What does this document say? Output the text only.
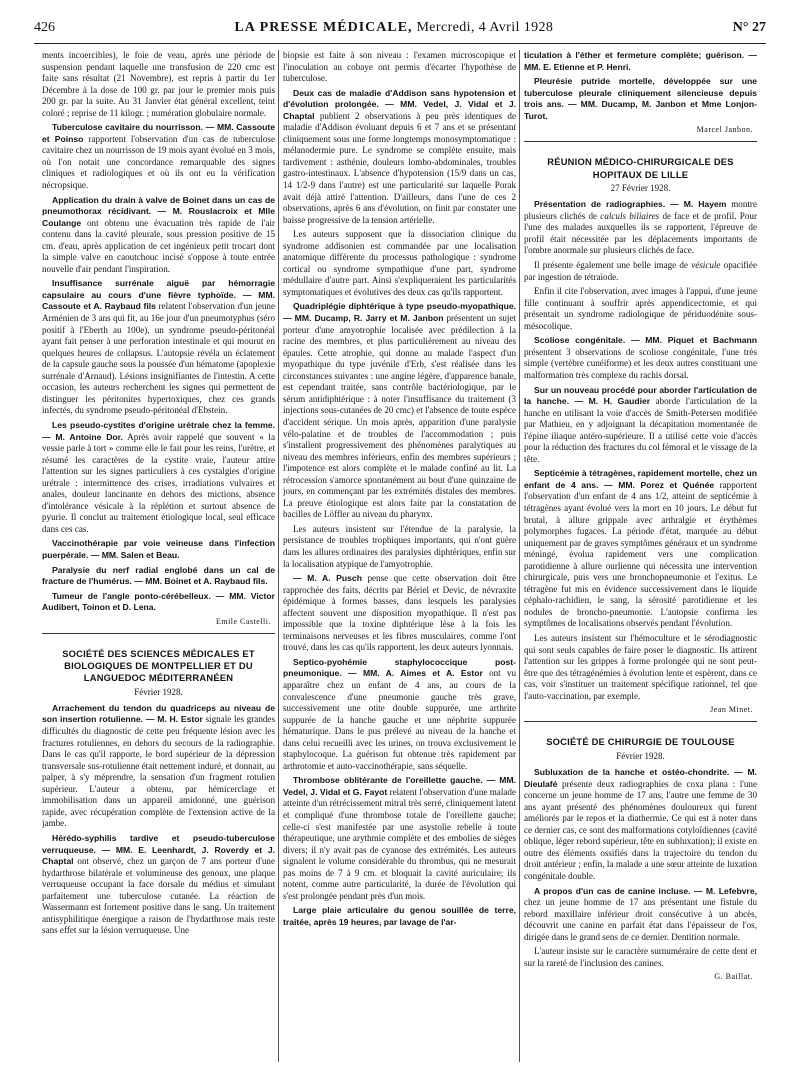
426	LA PRESSE MÉDICALE, Mercredi, 4 Avril 1928	N° 27

ments incoercibles), le foie de veau, après une période de suspension pendant laquelle une transfusion de 220 cmc est faite sans résultat (21 Novembre), est repris à partir du 1er Décembre à la dose de 100 gr. par jour le premier mois puis 200 gr. par la suite. Au 31 Janvier état général excellent, teint coloré ; reprise de 11 kilogr. ; numération globulaire normale.

Tuberculose cavitaire du nourrisson. — MM. Cassoute et Poinso rapportent l'observation d'un cas de tuberculose cavitaire chez un nourrisson de 19 mois ayant évolué en 3 mois, où l'on notait une concordance remarquable des signes cliniques et radiologiques et où ils ont eu la vérification nécropsique.

Application du drain à valve de Boinet dans un cas de pneumothorax récidivant. — M. Rouslacroix et Mlle Coulange ont obtenu une évacuation très rapide de l'air contenu dans la cavité pleurale, sous pression positive de 15 cm. d'eau, après application de cet ingénieux petit trocart dont la simple valve en caoutchouc incisé s'oppose à toute entrée nouvelle d'air pendant l'inspiration.

Insuffisance surrénale aiguë par hémorragie capsulaire au cours d'une fièvre typhoïde. — MM. Cassoute et A. Raybaud fils relatent l'observation d'un jeune Arménien de 3 ans qui fit, au 16e jour d'un pneumotyphus (séro positif à l'Eberth au 100e), un syndrome pseudo-péritonéal ayant fait penser à une perforation intestinale et qui mourut en quelques heures de collapsus. L'autopsie révéla un éclatement de la capsule gauche sous la poussée d'un hématome (apoplexie surrénale d'Arnaud). Lésions insignifiantes de l'intestin. A cette occasion, les auteurs recherchent les signes qui permettent de distinguer les péritonites hypertoxiques, chez ces grands infectés, du syndrome pseudo-péritonéal d'Ebstein.

Les pseudo-cystites d'origine urétrale chez la femme. — M. Antoine Dor. Après avoir rappelé que souvent « la vessie parle à tort » comme elle le fait pour les reins, l'urètre, et résumé les caractères de la cystite vraie, l'auteur attire l'attention sur les signes particuliers à ces cystalgies d'origine urétrale : intermittence des crises, irradiations vulvaires et anales, douleur lancinante en dehors des mictions, absence d'intolérance vésicale à la réplétion et surtout absence de pyurie. Il conclut au traitement étiologique local, seul efficace dans ces cas.

Vaccinothérapie par voie veineuse dans l'infection puerpérale. — MM. Salen et Beau.

Paralysie du nerf radial englobé dans un cal de fracture de l'humérus. — MM. Boinet et A. Raybaud fils.

Tumeur de l'angle ponto-cérébelleux. — MM. Victor Audibert, Toinon et D. Lena.

Emile Castelli.
SOCIÉTÉ DES SCIENCES MÉDICALES ET BIOLOGIQUES DE MONTPELLIER ET DU LANGUEDOC MÉDITERRANÉEN
Février 1928.

Arrachement du tendon du quadriceps au niveau de son insertion rotulienne. — M. H. Estor signale les grandes difficultés du diagnostic de cette peu fréquente lésion avec les fractures rotuliennes, en dehors du secours de la radiographie. Dans le cas qu'il rapporte, le bord supérieur de la dépression transversale sus-rotulienne était nettement induré, et donnait, au palper, à s'y méprendre, la sensation d'un fragment rotulien supérieur. L'auteur a obtenu, par hémicerclage et immobilisation dans un appareil amidonné, une guérison rapide, avec récupération complète de l'extension active de la jambe.

Hérédo-syphilis tardive et pseudo-tuberculose verruqueuse. — MM. E. Leenhardt, J. Roverdy et J. Chaptal ont observé, chez un garçon de 7 ans porteur d'une hydarthrose bilatérale et volumineuse des genoux, une plaque verruqueuse occupant la face dorsale du médius et simulant parfaitement une tuberculose cutanée. La réaction de Wassermann est fortement positive dans le sang. Un traitement antisyphilitique énergique a raison de l'hydarthrose mais reste sans effet sur la lésion verruqueuse. Une

biopsie est faite à son niveau : l'examen microscopique et l'inoculation au cobaye ont permis d'écarter l'hypothèse de tuberculose.

Deux cas de maladie d'Addison sans hypotension et d'évolution prolongée. — MM. Vedel, J. Vidal et J. Chaptal publient 2 observations à peu près identiques de maladie d'Addison évoluant depuis 6 et 7 ans et se présentant cliniquement sous une forme longtemps monosymptomatique : mélanodermie pure. Le syndrome se complète ensuite, mais tardivement : asthénie, douleurs lombo-abdominales, troubles gastro-intestinaux. L'absence d'hypotension (15/9 dans un cas, 14 1/2-9 dans l'autre) est une particularité sur laquelle Porak avait déjà attiré l'attention. D'ailleurs, dans l'une de ces 2 observations, après 6 ans d'évolution, on finit par constater une baisse progressive de la tension artérielle.

Les auteurs supposent que la dissociation clinique du syndrome addisonien est commandée par une localisation anatomique différente du processus pathologique : syndrome cortical ou syndrome sympathique d'une part, syndrome médullaire d'autre part. Ainsi s'expliqueraient les particularités symptomatiques et évolutives des deux cas qu'ils rapportent.

Quadriplégie diphtérique à type pseudo-myopathique. — MM. Ducamp, R. Jarry et M. Janbon présentent un sujet porteur d'une amyotrophie localisée avec prédilection à la racine des membres, et plus particulièrement au niveau des épaules. Cette atrophie, qui donne au malade l'aspect d'un myopathique du type juvénile d'Erb, s'est réalisée dans les circonstances suivantes : une angine légère, d'apparence banale, est cependant traitée, sans contrôle bactériologique, par le sérum antidiphtérique : à noter l'insuffisance du traitement (3 injections sous-cutanées de 20 cmc) et l'absence de toute espèce d'accident sérique. Un mois après, apparition d'une paralysie vélo-palatine et de troubles de l'accommodation ; puis s'installent progressivement des phénomènes paralytiques au niveau des membres inférieurs, enfin des membres supérieurs ; l'impotence est alors complète et le malade confiné au lit. La rétrocession s'amorce spontanément au bout d'une quinzaine de jours, en commençant par les extrémités distales des membres. La preuve étiologique est alors faite par la constatation de bacilles de Löffler au niveau du pharynx.

Les auteurs insistent sur l'étendue de la paralysie, la persistance de troubles trophiques importants, qui n'ont guère dans les allures ordinaires des paralysies diphtériques, enfin sur la localisation atypique de l'amyotrophie.

— M. A. Pusch pense que cette observation doit être rapprochée des faits, décrits par Bériel et Devic, de névraxite épidémique à formes basses, dans lesquels les paralysies affectent souvent une disposition myopathique. Il n'est pas impossible que la toxine diphtérique lèse à la fois les terminaisons nerveuses et les fibres musculaires, comme l'ont trouvé, dans les cas qu'ils rapportent, les deux auteurs lyonnais.

Septico-pyohémie staphylococcique post-pneumonique. — MM. A. Aimes et A. Estor ont vu apparaître chez un enfant de 4 ans, au cours de la convalescence d'une pneumonie gauche très grave, successivement une otite double suppurée, une arthrite suppurée de la hanche gauche et une néphrite suppurée hématurique. Dans le pus prélevé au niveau de la hanche et dans celui recueilli avec les urines, on trouva exclusivement le staphylocoque. La guérison fut obtenue très rapidement par arthrotomie et auto-vaccinothérapie, sans séquelle.

Thrombose oblitérante de l'oreillette gauche. — MM. Vedel, J. Vidal et G. Fayot relatent l'observation d'une malade atteinte d'un rétrécissement mitral très serré, cliniquement latent et compliqué d'une thrombose totale de l'oreillette gauche; celle-ci s'est manifestée par une asystolie rebelle à toute thérapeutique, une arythmie complète et des embolies de sièges divers; il n'y avait pas de cyanose des extrémités. Les auteurs signalent le volume considérable du thrombus, qui ne mesurait pas moins de 7 à 9 cm. et bloquait la cavité auriculaire; ils notent, comme autre particularité, la durée de l'évolution qui s'est prolongée pendant près d'un mois.

Large plaie articulaire du genou souillée de terre, traitée, après 19 heures, par lavage de l'ar-

ticulation à l'éther et fermeture complète; guérison. — MM. E. Etienne et P. Henri.

Pleurésie putride mortelle, développée sur une tuberculose pleurale cliniquement silencieuse depuis trois ans. — MM. Ducamp, M. Janbon et Mme Lonjon-Turot.

Marcel Janbon.
RÉUNION MÉDICO-CHIRURGICALE DES HOPITAUX DE LILLE
27 Février 1928.

Présentation de radiographies. — M. Hayem montre plusieurs clichés de calculs biliaires de face et de profil. Pour l'une des malades auxquelles ils se rapportent, l'épreuve de profil était nécessitée par les déplacements importants de l'ombre anormale sur plusieurs clichés de face.

Il présente également une belle image de vésicule opacifiée par ingestion de tétraïode.

Enfin il cite l'observation, avec images à l'appui, d'une jeune fille continuant à souffrir après appendicectomie, et qui présentait un syndrome radiologique de périduodénite sous-mésocolique.

Scoliose congénitale. — MM. Piquet et Bachmann présentent 3 observations de scoliose congénitale, l'une très simple (vertèbre cunéiforme) et les deux autres constituant une malformation très complexe du rachis dorsal.

Sur un nouveau procédé pour aborder l'articulation de la hanche. — M. H. Gaudier aborde l'articulation de la hanche en utilisant la voie d'accès de Smith-Petersen modifiée par Mathieu, en y adjoignant la décapitation momentanée de l'épine iliaque antéro-supérieure. Il a utilisé cette voie d'accès pour la réduction des fractures du col fémoral et le vissage de la tête.

Septicémie à tétragènes, rapidement mortelle, chez un enfant de 4 ans. — MM. Porez et Quénée rapportent l'observation d'un enfant de 4 ans 1/2, atteint de septicémie à tétragènes ayant évolué vers la mort en 10 jours. Le début fut brutal, à allure grippale avec arthralgie et érythèmes polymorphes fugaces. La période d'état, marquée au début uniquement par de graves symptômes généraux et un syndrome méningé, évolua rapidement vers une complication parotidienne à allure ourlienne qui nécessita une intervention chirurgicale, puis vers une bronchopneumonie et l'exitus. Le tétragène fut mis en évidence successivement dans le liquide céphalo-rachidien, le sang, la sérosité parotidienne et les nodules de broncho-pneumonie. L'autopsie confirma les symptômes de localisations observés pendant l'évolution.

Les auteurs insistent sur l'hémoculture et le sérodiagnostic qui sont seuls capables de faire poser le diagnostic. Ils attirent l'attention sur les grippes à forme prolongée qui ne sont peut-être que des tétragénémies à évolution lente et espèrent, dans ce cas, voir s'instituer un traitement spécifique rationnel, tel que l'auto-vaccination, par exemple.

Jean Minet.
SOCIÉTÉ DE CHIRURGIE DE TOULOUSE
Février 1928.

Subluxation de la hanche et ostéo-chondrite. — M. Dieulafé présente deux radiographies de coxa plana : l'une concerne un jeune homme de 17 ans, l'autre une femme de 30 ans ayant présenté des phénomènes douloureux qui furent améliorés par le repos et la diathermie. Ce qui est à noter dans ce dernier cas, ce sont des malformations cotyloïdiennes (cavité oblique, léger rebord supérieur, tête en subluxation); il existe en outre des éléments ossifiés dans la trajectoire du tendon du droit antérieur ; enfin, la malade a une sœur atteinte de luxation congénitale double.

A propos d'un cas de canine incluse. — M. Lefebvre, chez un jeune homme de 17 ans présentant une fistule du rebord maxillaire inférieur droit consécutive à un abcès, découvrit une canine en parfait état dans l'épaisseur de l'os, dirigée dans le grand sens de ce dernier. Dentition normale.

L'auteur insiste sur le caractère surnuméraire de cette dent et sur la rareté de l'inclusion des canines.

G. Baillat.
